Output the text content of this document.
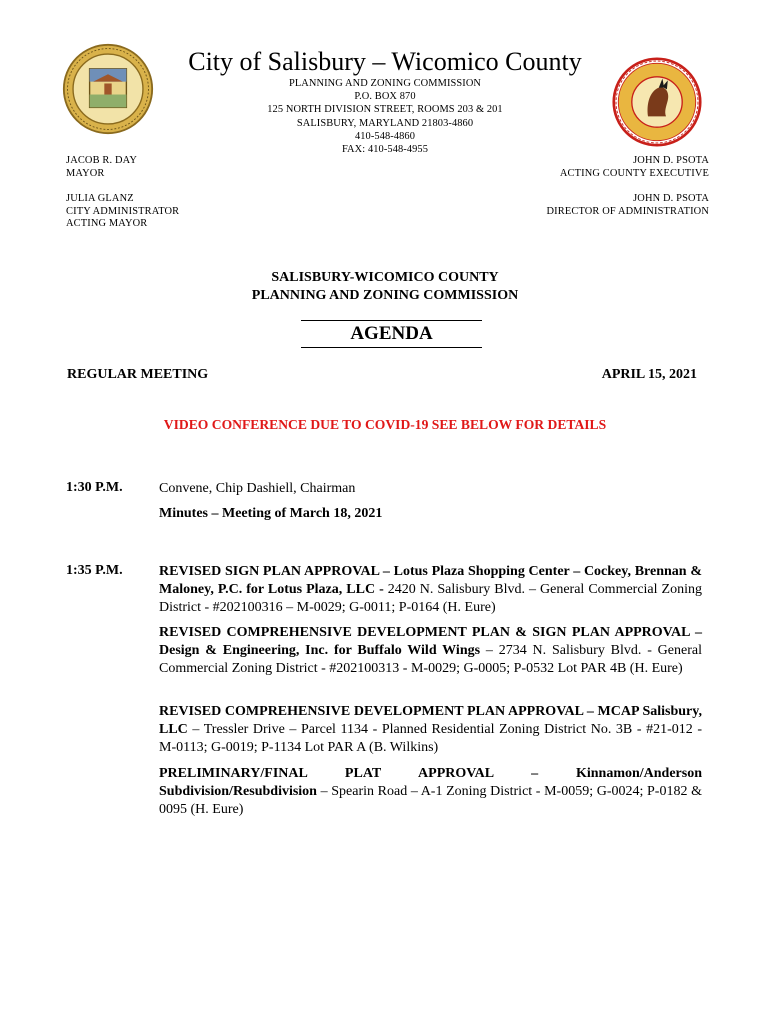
City of Salisbury – Wicomico County
PLANNING AND ZONING COMMISSION
P.O. BOX 870
125 NORTH DIVISION STREET, ROOMS 203 & 201
SALISBURY, MARYLAND 21803-4860
410-548-4860
FAX: 410-548-4955
JACOB R. DAY
MAYOR
JULIA GLANZ
CITY ADMINISTRATOR
ACTING MAYOR
JOHN D. PSOTA
ACTING COUNTY EXECUTIVE
JOHN D. PSOTA
DIRECTOR OF ADMINISTRATION
SALISBURY-WICOMICO COUNTY
PLANNING AND ZONING COMMISSION
AGENDA
REGULAR MEETING	APRIL 15, 2021
VIDEO CONFERENCE DUE TO COVID-19 SEE BELOW FOR DETAILS
1:30 P.M.	Convene, Chip Dashiell, Chairman
Minutes – Meeting of March 18, 2021
1:35 P.M.	REVISED SIGN PLAN APPROVAL – Lotus Plaza Shopping Center – Cockey, Brennan & Maloney, P.C. for Lotus Plaza, LLC - 2420 N. Salisbury Blvd. – General Commercial Zoning District - #202100316 – M-0029; G-0011; P-0164 (H. Eure)
REVISED COMPREHENSIVE DEVELOPMENT PLAN & SIGN PLAN APPROVAL – Design & Engineering, Inc. for Buffalo Wild Wings – 2734 N. Salisbury Blvd. - General Commercial Zoning District - #202100313 - M-0029; G-0005; P-0532 Lot PAR 4B (H. Eure)
REVISED COMPREHENSIVE DEVELOPMENT PLAN APPROVAL – MCAP Salisbury, LLC – Tressler Drive – Parcel 1134 - Planned Residential Zoning District No. 3B - #21-012 - M-0113; G-0019; P-1134 Lot PAR A (B. Wilkins)
PRELIMINARY/FINAL PLAT APPROVAL – Kinnamon/Anderson Subdivision/Resubdivision – Spearin Road – A-1 Zoning District - M-0059; G-0024; P-0182 & 0095 (H. Eure)
